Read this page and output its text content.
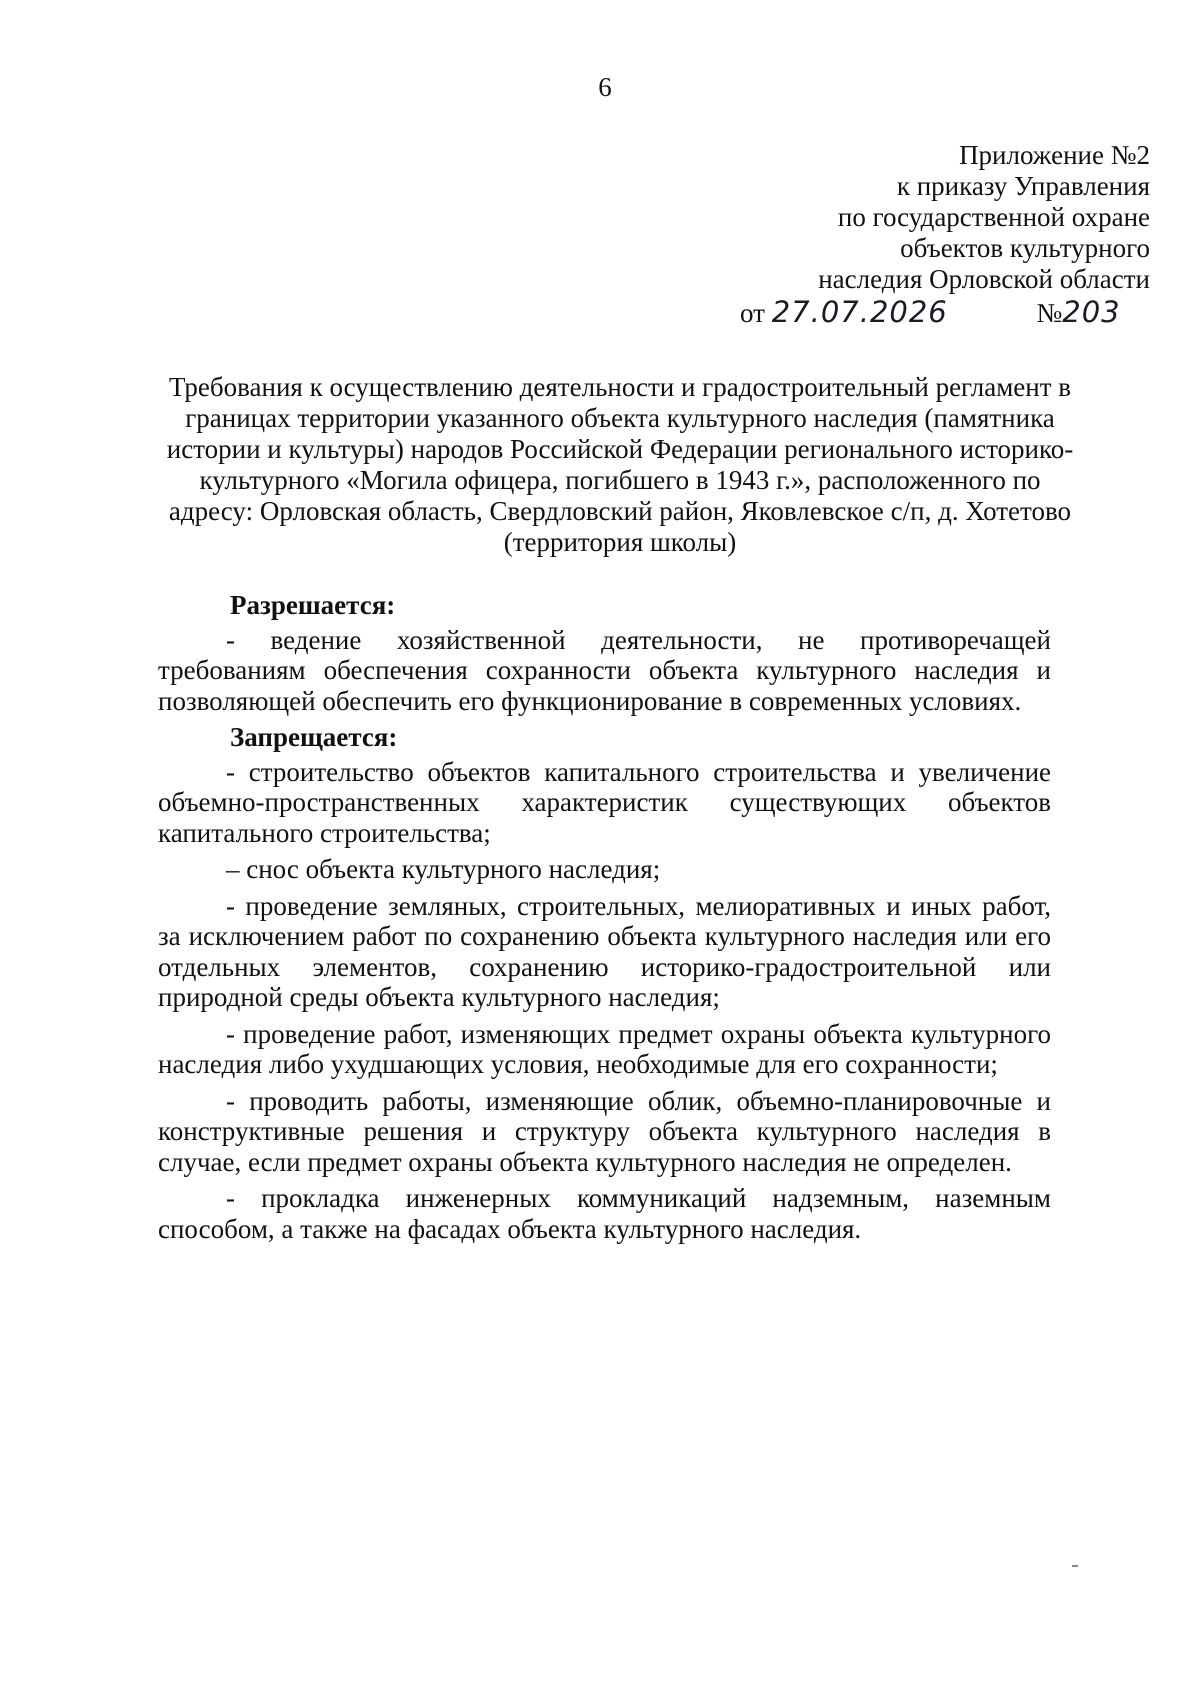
6
Приложение №2
к приказу Управления
по государственной охране
объектов культурного
наследия Орловской области
от 27.07.2026	№203
Требования к осуществлению деятельности и градостроительный регламент в границах территории указанного объекта культурного наследия (памятника истории и культуры) народов Российской Федерации регионального историко-культурного «Могила офицера, погибшего в 1943 г.», расположенного по адресу: Орловская область, Свердловский район, Яковлевское с/п, д. Хотетово (территория школы)
Разрешается:

- ведение хозяйственной деятельности, не противоречащей требованиям обеспечения сохранности объекта культурного наследия и позволяющей обеспечить его функционирование в современных условиях.

Запрещается:

- строительство объектов капитального строительства и увеличение объемно-пространственных характеристик существующих объектов капитального строительства;

– снос объекта культурного наследия;

- проведение земляных, строительных, мелиоративных и иных работ, за исключением работ по сохранению объекта культурного наследия или его отдельных элементов, сохранению историко-градостроительной или природной среды объекта культурного наследия;

- проведение работ, изменяющих предмет охраны объекта культурного наследия либо ухудшающих условия, необходимые для его сохранности;

- проводить работы, изменяющие облик, объемно-планировочные и конструктивные решения и структуру объекта культурного наследия в случае, если предмет охраны объекта культурного наследия не определен.

- прокладка инженерных коммуникаций надземным, наземным способом, а также на фасадах объекта культурного наследия.
